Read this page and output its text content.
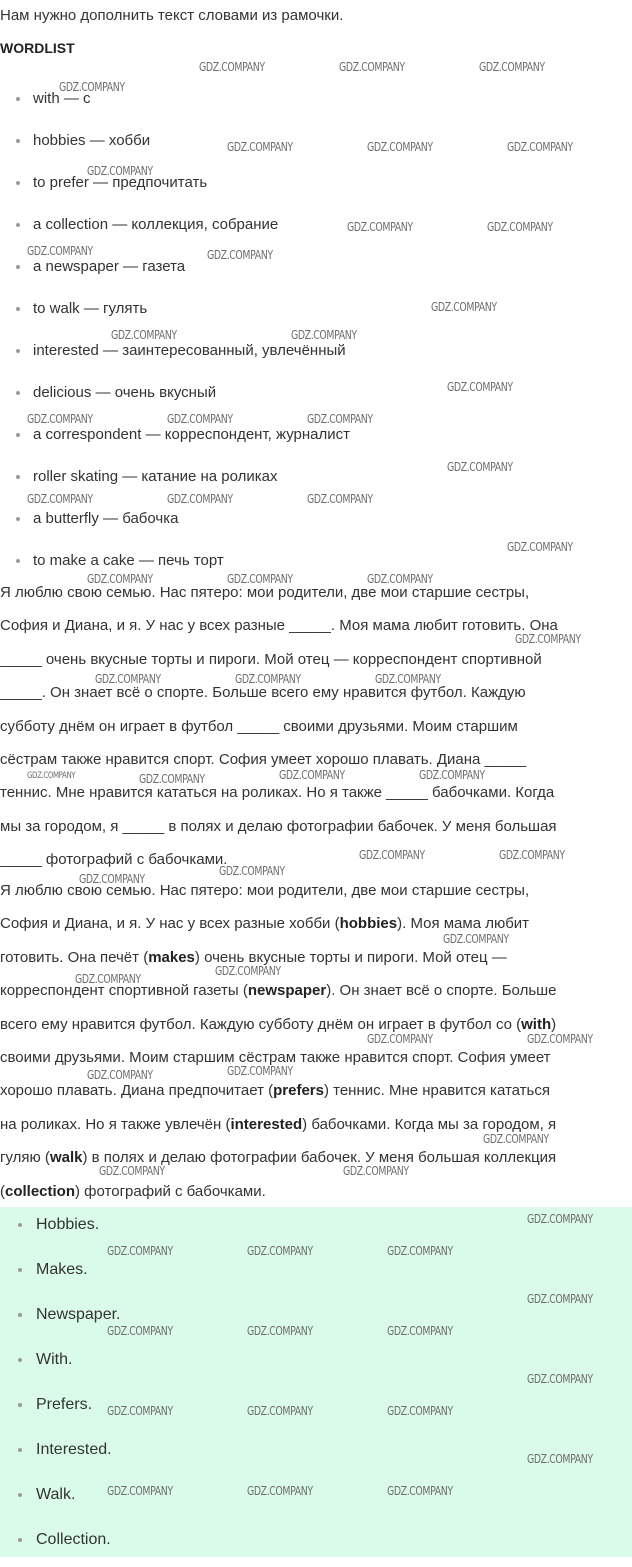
Нам нужно дополнить текст словами из рамочки.

WORDLIST

with — с
hobbies — хобби
to prefer — предпочитать
a collection — коллекция, собрание
a newspaper — газета
to walk — гулять
interested — заинтересованный, увлечённый
delicious — очень вкусный
a correspondent — корреспондент, журналист
roller skating — катание на роликах
a butterfly — бабочка
to make a cake — печь торт
Я люблю свою семью. Нас пятеро: мои родители, две мои старшие сестры,
София и Диана, и я. У нас у всех разные _____. Моя мама любит готовить. Она
_____ очень вкусные торты и пироги. Мой отец — корреспондент спортивной
_____. Он знает всё о спорте. Больше всего ему нравится футбол. Каждую
субботу днём он играет в футбол _____ своими друзьями. Моим старшим
сёстрам также нравится спорт. София умеет хорошо плавать. Диана _____
теннис. Мне нравится кататься на роликах. Но я также _____ бабочками. Когда
мы за городом, я _____ в полях и делаю фотографии бабочек. У меня большая
_____ фотографий с бабочками.
Я люблю свою семью. Нас пятеро: мои родители, две мои старшие сестры,
София и Диана, и я. У нас у всех разные хобби (hobbies). Моя мама любит
готовить. Она печёт (makes) очень вкусные торты и пироги. Мой отец —
корреспондент спортивной газеты (newspaper). Он знает всё о спорте. Больше
всего ему нравится футбол. Каждую субботу днём он играет в футбол со (with)
своими друзьями. Моим старшим сёстрам также нравится спорт. София умеет
хорошо плавать. Диана предпочитает (prefers) теннис. Мне нравится кататься
на роликах. Но я также увлечён (interested) бабочками. Когда мы за городом, я
гуляю (walk) в полях и делаю фотографии бабочек. У меня большая коллекция
(collection) фотографий с бабочками.
Hobbies.
Makes.
Newspaper.
With.
Prefers.
Interested.
Walk.
Collection.
GDZ.COMPANY	GDZ.COMPANY	GDZ.COMPANY
GDZ.COMPANY
GDZ.COMPANY	GDZ.COMPANY	GDZ.COMPANY
GDZ.COMPANY
GDZ.COMPANY	GDZ.COMPANY
GDZ.COMPANY	GDZ.COMPANY
GDZ.COMPANY
GDZ.COMPANY	GDZ.COMPANY
GDZ.COMPANY
GDZ.COMPANY	GDZ.COMPANY	GDZ.COMPANY
GDZ.COMPANY
GDZ.COMPANY	GDZ.COMPANY	GDZ.COMPANY
GDZ.COMPANY
GDZ.COMPANY	GDZ.COMPANY	GDZ.COMPANY
GDZ.COMPANY
GDZ.COMPANY	GDZ.COMPANY	GDZ.COMPANY
GDZ.COMPANY	GDZ.COMPANY	GDZ.COMPANY
GDZ.COMPANY	GDZ.COMPANY
GDZ.COMPANY
GDZ.COMPANY
GDZ.COMPANY
GDZ.COMPANY
GDZ.COMPANY
GDZ.COMPANY	GDZ.COMPANY
GDZ.COMPANY	GDZ.COMPANY
GDZ.COMPANY
GDZ.COMPANY	GDZ.COMPANY
GDZ.COMPANY
GDZ.COMPANY	GDZ.COMPANY	GDZ.COMPANY
GDZ.COMPANY
GDZ.COMPANY	GDZ.COMPANY	GDZ.COMPANY
GDZ.COMPANY
GDZ.COMPANY	GDZ.COMPANY	GDZ.COMPANY
GDZ.COMPANY
GDZ.COMPANY	GDZ.COMPANY	GDZ.COMPANY
GDZ.COMPANY
